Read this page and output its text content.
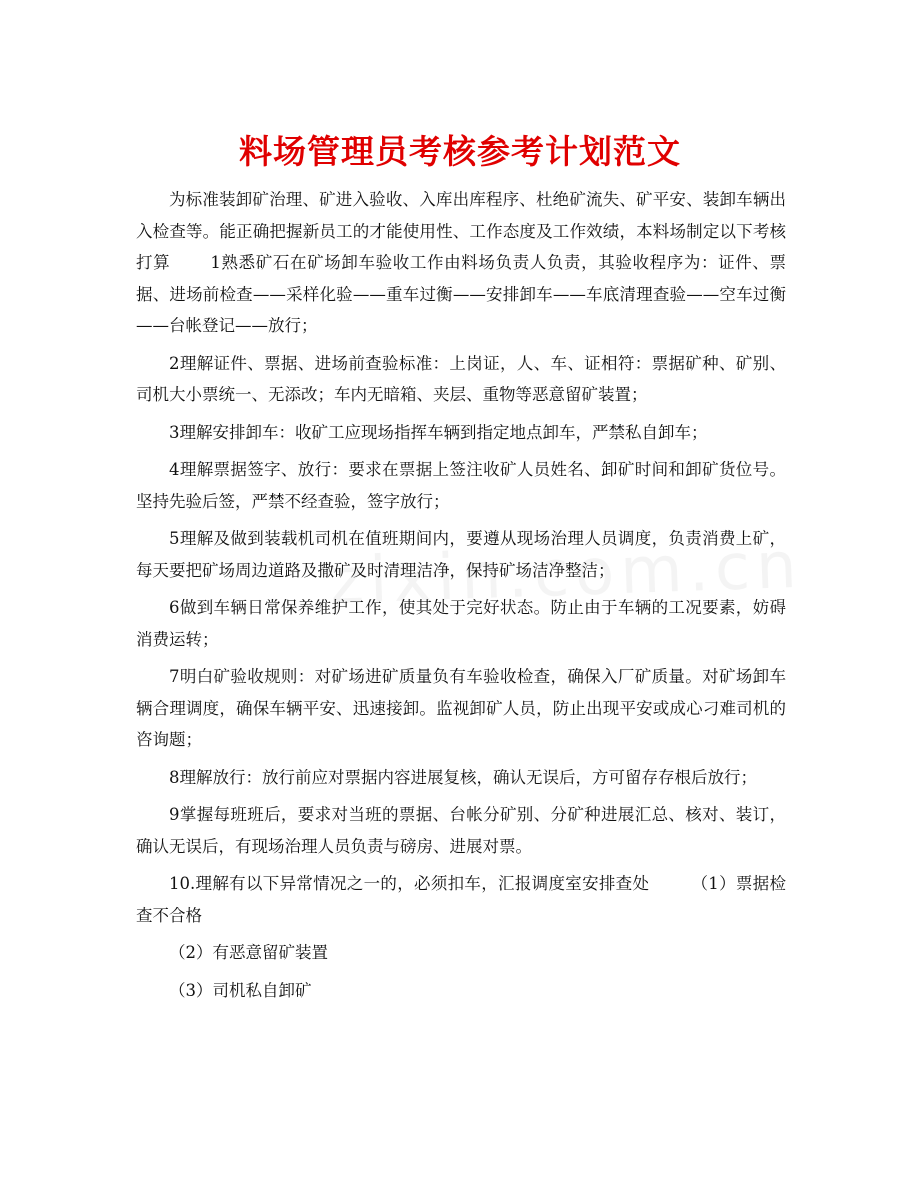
料场管理员考核参考计划范文

为标准装卸矿治理、矿进入验收、入库出库程序、杜绝矿流失、矿平安、装卸车辆出入检查等。能正确把握新员工的才能使用性、工作态度及工作效绩，本料场制定以下考核打算　　 1熟悉矿石在矿场卸车验收工作由料场负责人负责，其验收程序为：证件、票据、进场前检查——采样化验——重车过衡——安排卸车——车底清理查验——空车过衡——台帐登记——放行；

2理解证件、票据、进场前查验标准：上岗证，人、车、证相符：票据矿种、矿别、司机大小票统一、无添改；车内无暗箱、夹层、重物等恶意留矿装置；

3理解安排卸车：收矿工应现场指挥车辆到指定地点卸车，严禁私自卸车；

4理解票据签字、放行：要求在票据上签注收矿人员姓名、卸矿时间和卸矿货位号。坚持先验后签，严禁不经查验，签字放行；

5理解及做到装载机司机在值班期间内，要遵从现场治理人员调度，负责消费上矿，每天要把矿场周边道路及撒矿及时清理洁净，保持矿场洁净整洁；

6做到车辆日常保养维护工作，使其处于完好状态。防止由于车辆的工况要素，妨碍消费运转；

7明白矿验收规则：对矿场进矿质量负有车验收检查，确保入厂矿质量。对矿场卸车辆合理调度，确保车辆平安、迅速接卸。监视卸矿人员，防止出现平安或成心刁难司机的咨询题；

8理解放行：放行前应对票据内容进展复核，确认无误后，方可留存存根后放行；

9掌握每班班后，要求对当班的票据、台帐分矿别、分矿种进展汇总、核对、装订，确认无误后，有现场治理人员负责与磅房、进展对票。

10.理解有以下异常情况之一的，必须扣车，汇报调度室安排查处　　　（1）票据检查不合格

（2）有恶意留矿装置

（3）司机私自卸矿
